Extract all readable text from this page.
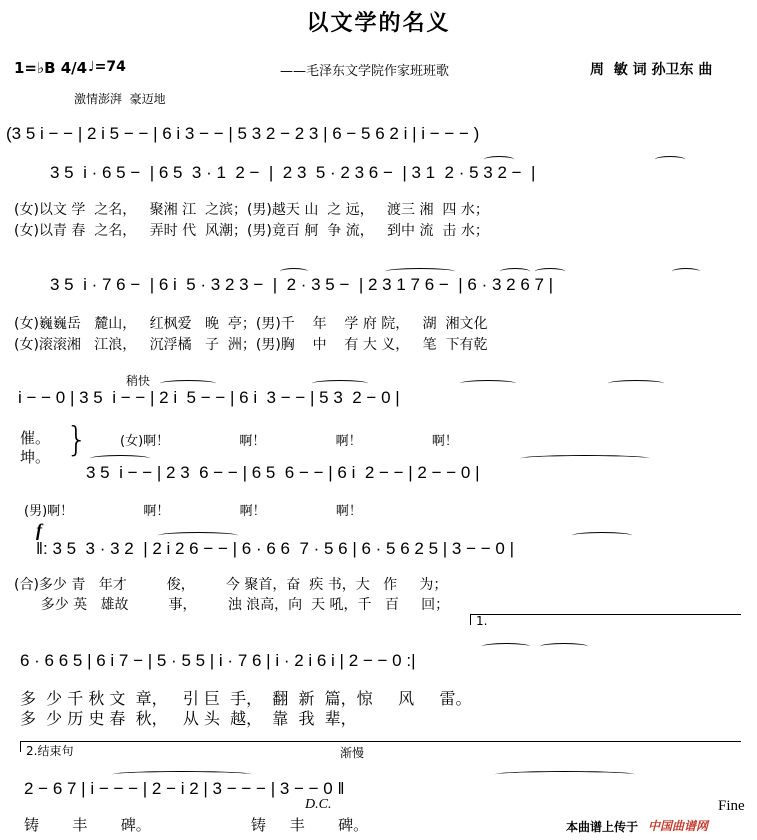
以文学的名义
1=♭B 4/4 ♩=74	——毛泽东文学院作家班班歌	周  敏 词 孙卫东 曲
激情澎湃  豪迈地
(3 5 i − − | 2 i 5 − − | 6 i 3 − − | 5 3 2 − 2 3 | 6 − 5 6 2 i | i − − − )
3 5  i · 6 5 −  | 6 5  3 · 1  2 −  |  2 3  5 · 2 3 6 −  | 3 1  2 · 5 3 2 −  |
(女)以文 学  之名，   聚湘 江  之滨；(男)越天 山  之 远，   渡三 湘  四 水；
(女)以青 春  之名，   弄时 代  风潮；(男)竟百 舸  争 流，   到中 流  击 水；
3 5  i · 7 6 −  | 6 i  5 · 3 2 3 −  |  2 · 3 5 −  | 2 3 1 7 6 −  | 6 · 3 2 6 7 |
(女)巍巍岳   麓山，   红枫爱   晚  亭；(男)千    年    学 府 院，   湖  湘文化
(女)滚滚湘   江浪，   沉浮橘   子  洲；(男)胸    中    有 大 义，   笔  下有乾
稍快
i − − 0 | 3 5  i − − | 2 i  5 − − | 6 i  3 − − | 5 3  2 − 0 |
催。
坤。 } (女)啊！                 啊！                 啊！                 啊！
3 5  i − − | 2 3  6 − − | 6 5  6 − − | 6 i  2 − − | 2 − − 0 |
(男)啊！                 啊！                 啊！                 啊！
f
‖: 3 5  3 · 3 2  | 2 i 2 6 − − | 6 · 6 6  7 · 5 6 | 6 · 5 6 2 5 | 3 − − 0 |
(合)多少 青   年才         俊，       今 聚首，奋  疾 书，大   作     为；
多少 英   雄故         事，       浊 浪高，向  天 吼，千   百     回；
1.
6 · 6 6 5 | 6 i 7 − | 5 · 5 5 | i · 7 6 | i · 2 i 6 i | 2 − − 0 :|
多  少 千 秋 文  章，   引 巨  手，  翻  新  篇，惊     风     雷。
多  少 历 史 春  秋，   从 头  越，  靠  我  辈，
2.结束句	渐慢
2 − 6 7 | i − − − | 2 − i 2 | 3 − − − | 3 − − 0 ‖
D.C.	Fine
铸       丰       碑。                     铸     丰       碑。	本曲谱上传于 中国曲谱网
